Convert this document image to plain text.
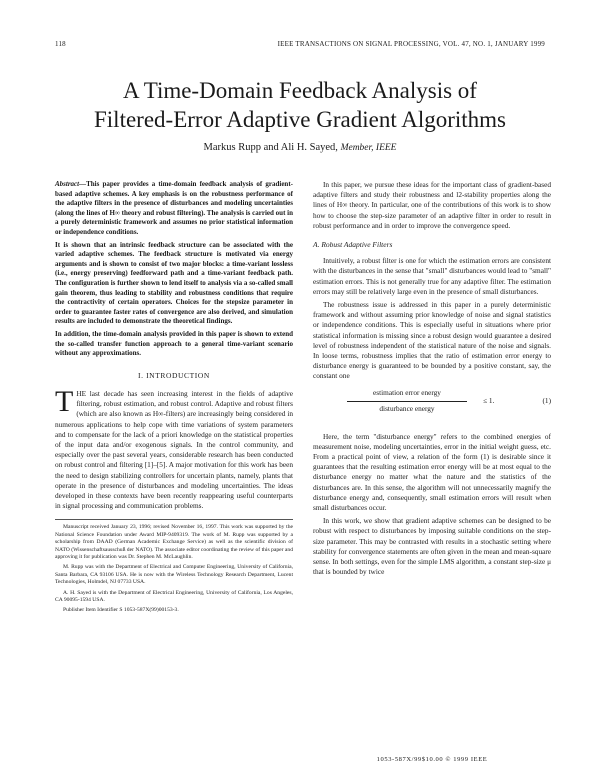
118	IEEE TRANSACTIONS ON SIGNAL PROCESSING, VOL. 47, NO. 1, JANUARY 1999
A Time-Domain Feedback Analysis of
Filtered-Error Adaptive Gradient Algorithms
Markus Rupp and Ali H. Sayed, Member, IEEE
Abstract—This paper provides a time-domain feedback analysis of gradient-based adaptive schemes. A key emphasis is on the robustness performance of the adaptive filters in the presence of disturbances and modeling uncertainties (along the lines of H∞ theory and robust filtering). The analysis is carried out in a purely deterministic framework and assumes no prior statistical information or independence conditions.
It is shown that an intrinsic feedback structure can be associated with the varied adaptive schemes. The feedback structure is motivated via energy arguments and is shown to consist of two major blocks: a time-variant lossless (i.e., energy preserving) feedforward path and a time-variant feedback path. The configuration is further shown to lend itself to analysis via a so-called small gain theorem, thus leading to stability and robustness conditions that require the contractivity of certain operators. Choices for the stepsize parameter in order to guarantee faster rates of convergence are also derived, and simulation results are included to demonstrate the theoretical findings.
In addition, the time-domain analysis provided in this paper is shown to extend the so-called transfer function approach to a general time-variant scenario without any approximations.
I. INTRODUCTION

THE last decade has seen increasing interest in the fields of adaptive filtering, robust estimation, and robust control. Adaptive and robust filters (which are also known as H∞-filters) are increasingly being considered in numerous applications to help cope with time variations of system parameters and to compensate for the lack of a priori knowledge on the statistical properties of the input data and/or exogenous signals. In the control community, and especially over the past several years, considerable research has been conducted on robust control and filtering [1]–[5]. A major motivation for this work has been the need to design stabilizing controllers for uncertain plants, namely, plants that operate in the presence of disturbances and modeling uncertainties. The ideas developed in these contexts have been recently reappearing useful counterparts in signal processing and communication problems.

Manuscript received January 23, 1996; revised November 16, 1997. This work was supported by the National Science Foundation under Award MIP-9409319. The work of M. Rupp was supported by a scholarship from DAAD (German Academic Exchange Service) as well as the scientific division of NATO (Wissenschaftsausschuß der NATO). The associate editor coordinating the review of this paper and approving it for publication was Dr. Stephen M. McLaughlin.
M. Rupp was with the Department of Electrical and Computer Engineering, University of California, Santa Barbara, CA 93106 USA. He is now with the Wireless Technology Research Department, Lucent Technologies, Holmdel, NJ 07733 USA.
A. H. Sayed is with the Department of Electrical Engineering, University of California, Los Angeles, CA 90095-1594 USA.
Publisher Item Identifier S 1053-587X(99)00153-3.

In this paper, we pursue these ideas for the important class of gradient-based adaptive filters and study their robustness and l2-stability properties along the lines of H∞ theory. In particular, one of the contributions of this work is to show how to choose the step-size parameter of an adaptive filter in order to result in robust performance and in order to improve the convergence speed.

A. Robust Adaptive Filters

Intuitively, a robust filter is one for which the estimation errors are consistent with the disturbances in the sense that "small" disturbances would lead to "small" estimation errors. This is not generally true for any adaptive filter. The estimation errors may still be relatively large even in the presence of small disturbances.

The robustness issue is addressed in this paper in a purely deterministic framework and without assuming prior knowledge of noise and signal statistics or independence conditions. This is especially useful in situations where prior statistical information is missing since a robust design would guarantee a desired level of robustness independent of the statistical nature of the noise and signals. In loose terms, robustness implies that the ratio of estimation error energy to disturbance energy is guaranteed to be bounded by a positive constant, say, the constant one

estimation error energy
disturbance energy
≤ 1.	(1)

Here, the term "disturbance energy" refers to the combined energies of measurement noise, modeling uncertainties, error in the initial weight guess, etc. From a practical point of view, a relation of the form (1) is desirable since it guarantees that the resulting estimation error energy will be at most equal to the disturbance energy no matter what the nature and the statistics of the disturbances are. In this sense, the algorithm will not unnecessarily magnify the disturbance energy and, consequently, small estimation errors will result when small disturbances occur.

In this work, we show that gradient adaptive schemes can be designed to be robust with respect to disturbances by imposing suitable conditions on the step-size parameter. This may be contrasted with results in a stochastic setting where stability for convergence statements are often given in the mean and mean-square sense. In both settings, even for the simple LMS algorithm, a constant step-size μ that is bounded by twice

1053-587X/99$10.00 © 1999 IEEE
